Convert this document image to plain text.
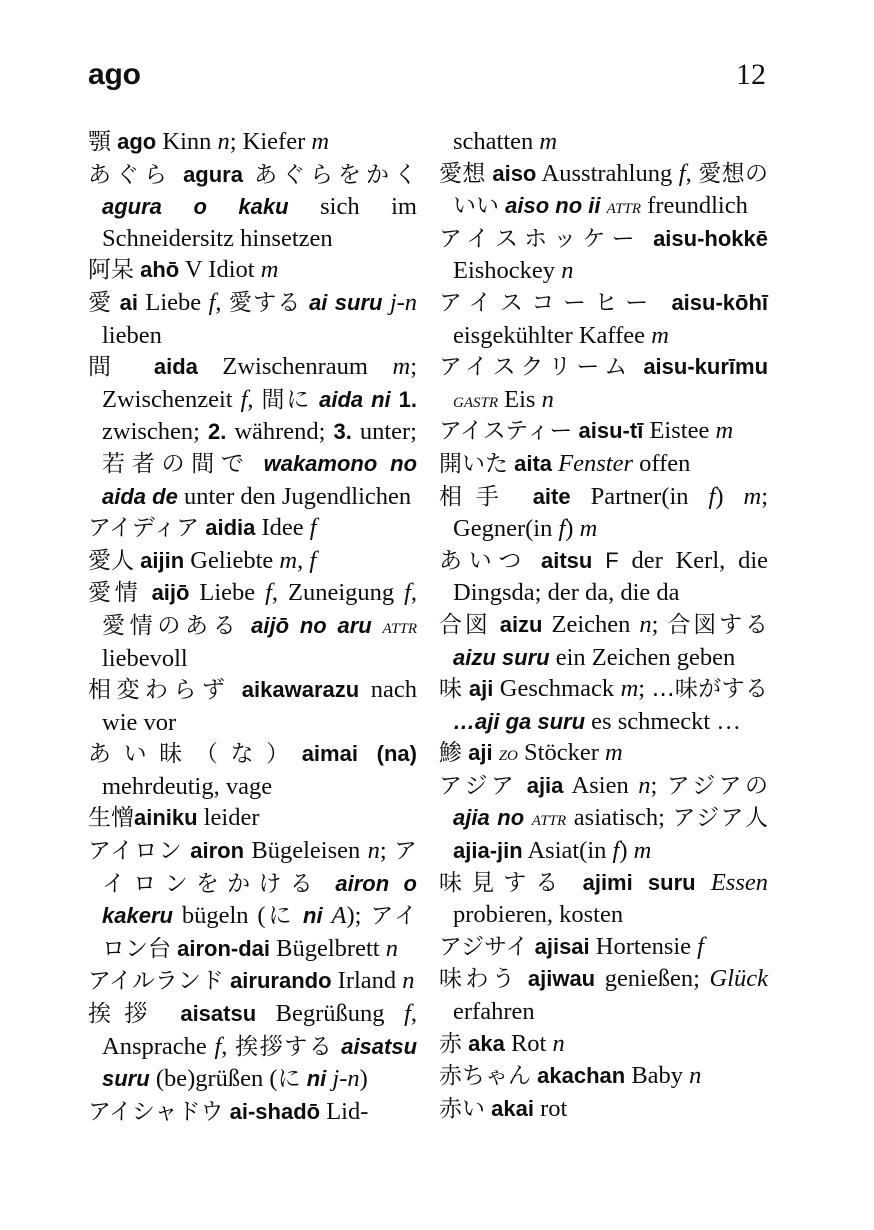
ago	12

顎 ago Kinn n; Kiefer m

あぐら agura あぐらをかく agura o kaku sich im Schneidersitz hinsetzen

阿呆 ahō V Idiot m

愛 ai Liebe f, 愛する ai suru j-n lieben

間 aida Zwischenraum m; Zwischenzeit f, 間に aida ni 1. zwischen; 2. während; 3. unter; 若者の間で wakamono no aida de unter den Jugendlichen

アイディア aidia Idee f

愛人 aijin Geliebte m, f

愛情 aijō Liebe f, Zuneigung f, 愛情のある aijō no aru attr liebevoll

相変わらず aikawarazu nach wie vor

あい昧（な）aimai (na) mehrdeutig, vage

生憎ainiku leider

アイロン airon Bügeleisen n; アイロンをかける airon o kakeru bügeln (に ni A); アイロン台 airon-dai Bügelbrett n

アイルランド airurando Irland n

挨拶 aisatsu Begrüßung f, Ansprache f, 挨拶する aisatsu suru (be)grüßen (に ni j-n)

アイシャドウ ai-shadō Lid-

schatten m

愛想 aiso Ausstrahlung f, 愛想のいい aiso no ii attr freundlich

アイスホッケー aisu-hokkē Eishockey n

アイスコーヒー aisu-kōhī eisgekühlter Kaffee m

アイスクリーム aisu-kurīmu gastr Eis n

アイスティー aisu-tī Eistee m

開いた aita Fenster offen

相手 aite Partner(in f) m; Gegner(in f) m

あいつ aitsu F der Kerl, die Dingsda; der da, die da

合図 aizu Zeichen n; 合図する aizu suru ein Zeichen geben

味 aji Geschmack m; …味がする …aji ga suru es schmeckt …

鯵 aji zo Stöcker m

アジア ajia Asien n; アジアの ajia no attr asiatisch; アジア人 ajia-jin Asiat(in f) m

味見する ajimi suru Essen probieren, kosten

アジサイ ajisai Hortensie f

味わう ajiwau genießen; Glück erfahren

赤 aka Rot n

赤ちゃん akachan Baby n

赤い akai rot
